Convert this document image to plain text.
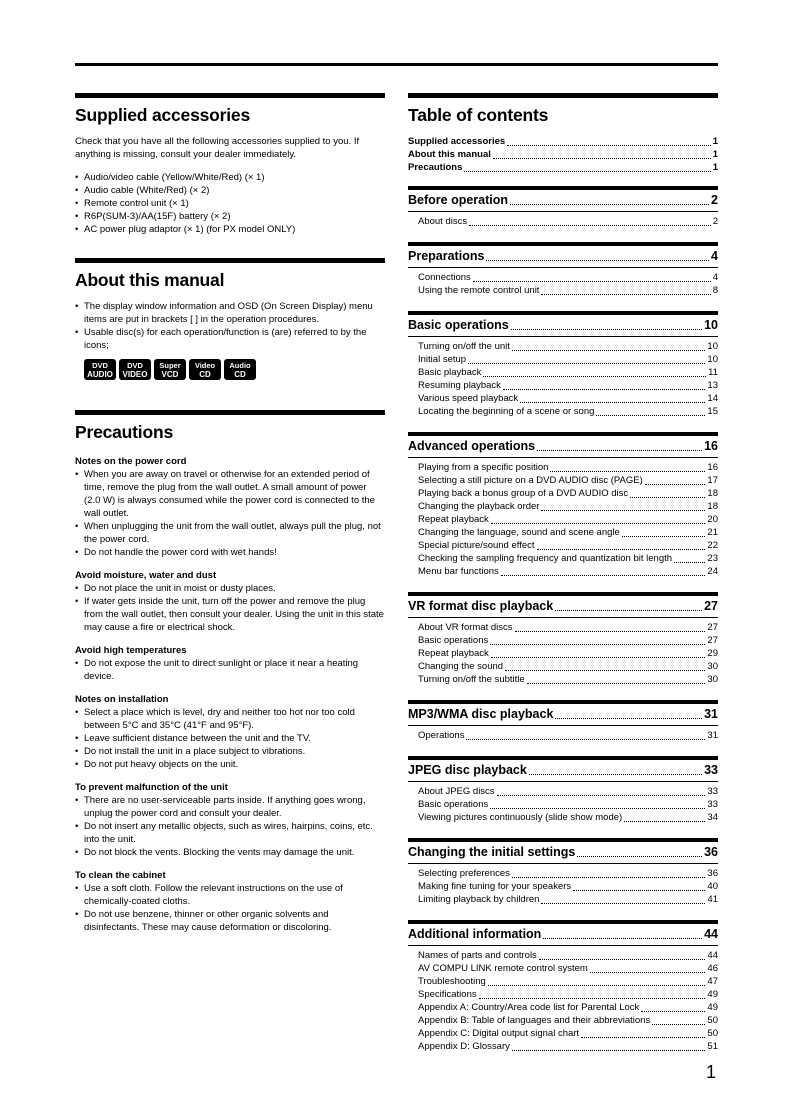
Supplied accessories

Check that you have all the following accessories supplied to you. If anything is missing, consult your dealer immediately.

• Audio/video cable (Yellow/White/Red) (× 1)
• Audio cable (White/Red) (× 2)
• Remote control unit (× 1)
• R6P(SUM-3)/AA(15F) battery (× 2)
• AC power plug adaptor (× 1) (for PX model ONLY)
About this manual
• The display window information and OSD (On Screen Display) menu items are put in brackets [ ] in the operation procedures.
• Usable disc(s) for each operation/function is (are) referred to by the icons;
DVD
AUDIO
DVD
VIDEO
Super
VCD
Video
CD
Audio
CD
Precautions
Notes on the power cord
• When you are away on travel or otherwise for an extended period of time, remove the plug from the wall outlet. A small amount of power (2.0 W) is always consumed while the power cord is connected to the wall outlet.
• When unplugging the unit from the wall outlet, always pull the plug, not the power cord.
• Do not handle the power cord with wet hands!
Avoid moisture, water and dust
• Do not place the unit in moist or dusty places.
• If water gets inside the unit, turn off the power and remove the plug from the wall outlet, then consult your dealer. Using the unit in this state may cause a fire or electrical shock.
Avoid high temperatures
• Do not expose the unit to direct sunlight or place it near a heating device.
Notes on installation
• Select a place which is level, dry and neither too hot nor too cold between 5°C and 35°C (41°F and 95°F).
• Leave sufficient distance between the unit and the TV.
• Do not install the unit in a place subject to vibrations.
• Do not put heavy objects on the unit.
To prevent malfunction of the unit
• There are no user-serviceable parts inside. If anything goes wrong, unplug the power cord and consult your dealer.
• Do not insert any metallic objects, such as wires, hairpins, coins, etc. into the unit.
• Do not block the vents. Blocking the vents may damage the unit.
To clean the cabinet
• Use a soft cloth. Follow the relevant instructions on the use of chemically-coated cloths.
• Do not use benzene, thinner or other organic solvents and disinfectants. These may cause deformation or discoloring.
Table of contents
Supplied accessories	1
About this manual	1
Precautions	1
Before operation	2
About discs	2
Preparations	4
Connections	4
Using the remote control unit	8
Basic operations	10
Turning on/off the unit	10
Initial setup	10
Basic playback	11
Resuming playback	13
Various speed playback	14
Locating the beginning of a scene or song	15
Advanced operations	16
Playing from a specific position	16
Selecting a still picture on a DVD AUDIO disc (PAGE)	17
Playing back a bonus group of a DVD AUDIO disc	18
Changing the playback order	18
Repeat playback	20
Changing the language, sound and scene angle	21
Special picture/sound effect	22
Checking the sampling frequency and quantization bit length	23
Menu bar functions	24
VR format disc playback	27
About VR format discs	27
Basic operations	27
Repeat playback	29
Changing the sound	30
Turning on/off the subtitle	30
MP3/WMA disc playback	31
Operations	31
JPEG disc playback	33
About JPEG discs	33
Basic operations	33
Viewing pictures continuously (slide show mode)	34
Changing the initial settings	36
Selecting preferences	36
Making fine tuning for your speakers	40
Limiting playback by children	41
Additional information	44
Names of parts and controls	44
AV COMPU LINK remote control system	46
Troubleshooting	47
Specifications	49
Appendix A: Country/Area code list for Parental Lock	49
Appendix B: Table of languages and their abbreviations	50
Appendix C: Digital output signal chart	50
Appendix D: Glossary	51
1
